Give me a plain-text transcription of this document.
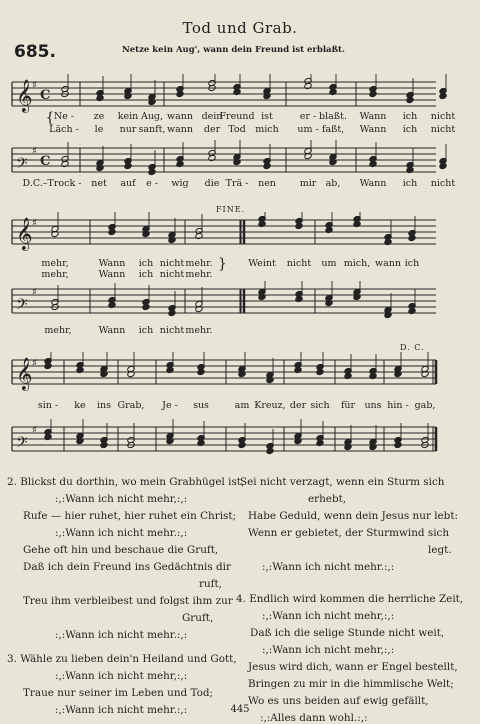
Tod und Grab.
685.	Netze kein Aug', wann dein Freund ist erblaßt.
𝄞 ♯
C
{ Ne - ze kein Aug, wann dein
Freund ist	er - blaßt. Wann ich nicht
Läch - le nur sanft, wann der Tod mich um - faßt, Wann ich nicht
𝄢
♯
C
D.C.–Trock - net auf e - wig die Trä - nen	mir ab, Wann ich nicht
FINE.
𝄞 ♯
mehr,	Wann ich nicht mehr.	Weint nicht um mich, wann ich
mehr,	Wann ich nicht mehr.
}
𝄢
♯
mehr,	Wann ich nicht mehr.
D. C.
𝄞 ♯
sin - ke ins Grab, Je - sus	am Kreuz, der sich für uns hin - gab,
𝄢
♯
2. Blickst du dorthin, wo mein Grabhügel ist,
:,:Wann ich nicht mehr,:,:
Rufe — hier ruhet, hier ruhet ein Christ;
:,:Wann ich nicht mehr.:,:
Gehe oft hin und beschaue die Gruft,
Daß ich dein Freund ins Gedächtnis dir
ruft,
Treu ihm verbleibest und folgst ihm zur
Gruft,
:,:Wann ich nicht mehr.:,:
3. Wähle zu lieben dein'n Heiland und Gott,
:,:Wann ich nicht mehr,:,:
Traue nur seiner im Leben und Tod;
:,:Wann ich nicht mehr.:,:
Sei nicht verzagt, wenn ein Sturm sich
erhebt,
Habe Geduld, wenn dein Jesus nur lebt:
Wenn er gebietet, der Sturmwind sich
legt.
:,:Wann ich nicht mehr.:,:
4. Endlich wird kommen die herrliche Zeit,
:,:Wann ich nicht mehr,:,:
Daß ich die selige Stunde nicht weit,
:,:Wann ich nicht mehr,:,:
Jesus wird dich, wann er Engel bestellt,
Bringen zu mir in die himmlische Welt;
Wo es uns beiden auf ewig gefällt,
:,:Alles dann wohl.:,:
445
